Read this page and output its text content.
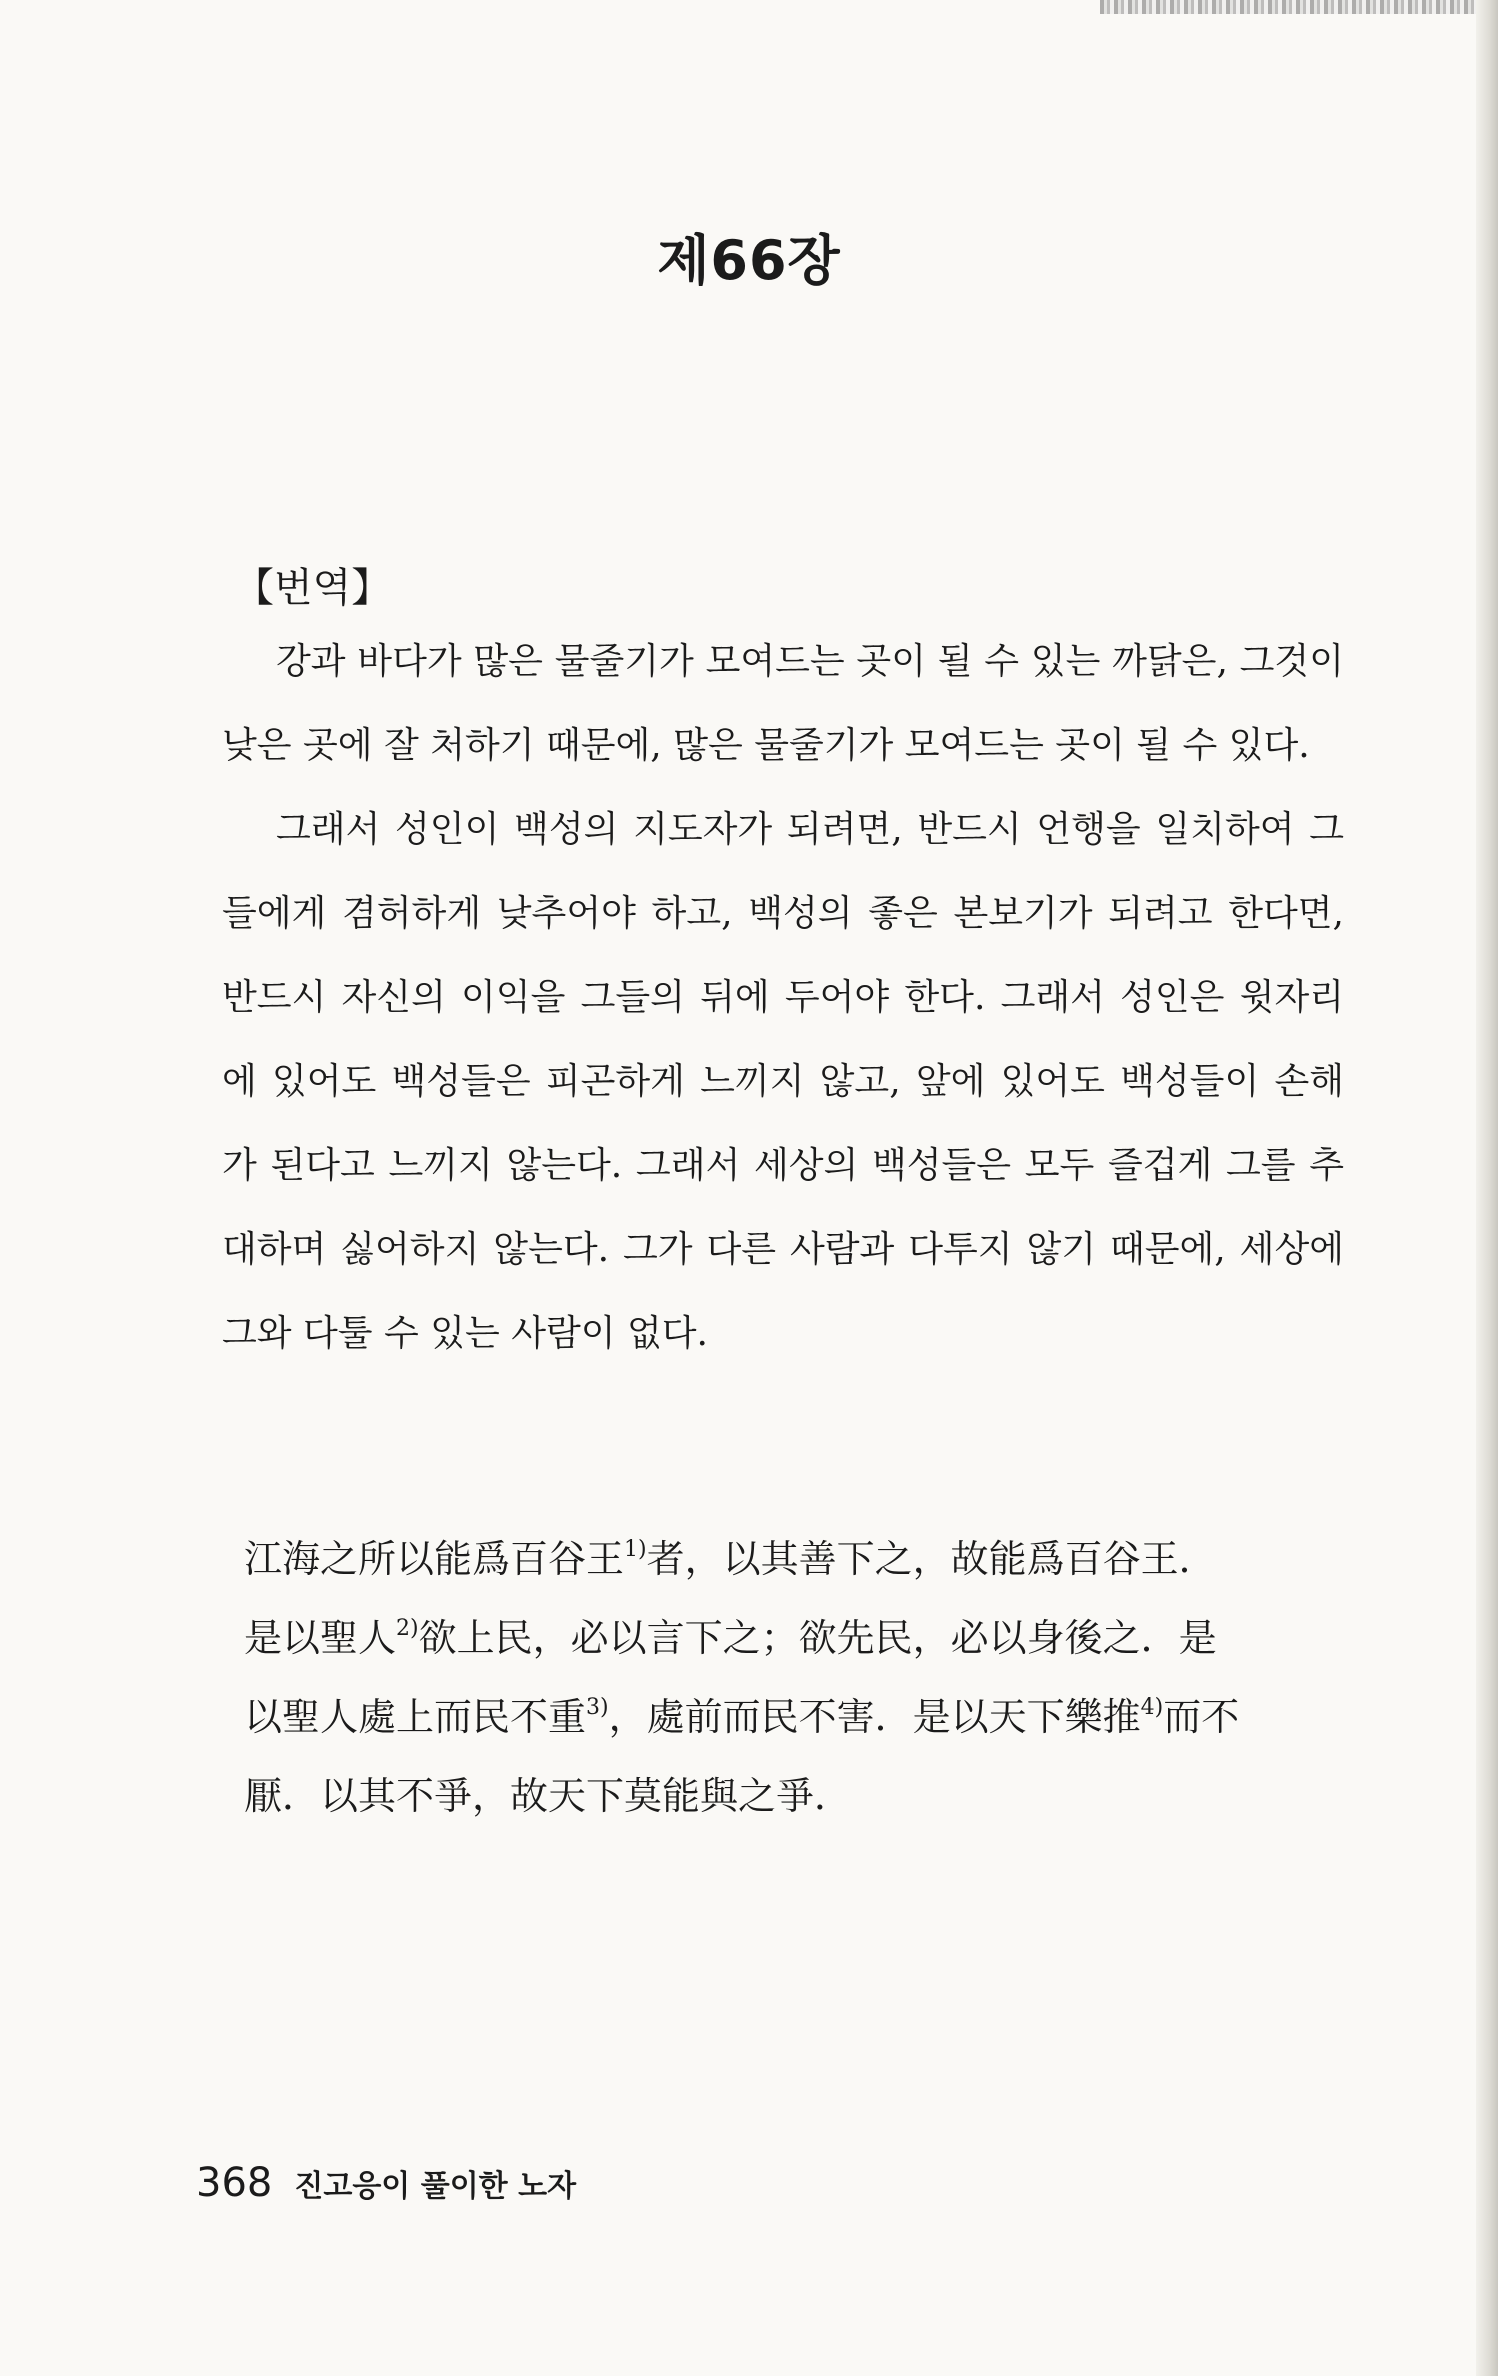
제66장
【번역】

강과 바다가 많은 물줄기가 모여드는 곳이 될 수 있는 까닭은, 그것이 낮은 곳에 잘 처하기 때문에, 많은 물줄기가 모여드는 곳이 될 수 있다.

그래서 성인이 백성의 지도자가 되려면, 반드시 언행을 일치하여 그들에게 겸허하게 낮추어야 하고, 백성의 좋은 본보기가 되려고 한다면, 반드시 자신의 이익을 그들의 뒤에 두어야 한다. 그래서 성인은 윗자리에 있어도 백성들은 피곤하게 느끼지 않고, 앞에 있어도 백성들이 손해가 된다고 느끼지 않는다. 그래서 세상의 백성들은 모두 즐겁게 그를 추대하며 싫어하지 않는다. 그가 다른 사람과 다투지 않기 때문에, 세상에 그와 다툴 수 있는 사람이 없다.

江海之所以能爲百谷王$^{1)}$者，以其善下之，故能爲百谷王．

是以聖人$^{2)}$欲上民，必以言下之；欲先民，必以身後之．是

以聖人處上而民不重$^{3)}$，處前而民不害．是以天下樂推$^{4)}$而不

厭．以其不爭，故天下莫能與之爭．

368 진고응이 풀이한 노자
